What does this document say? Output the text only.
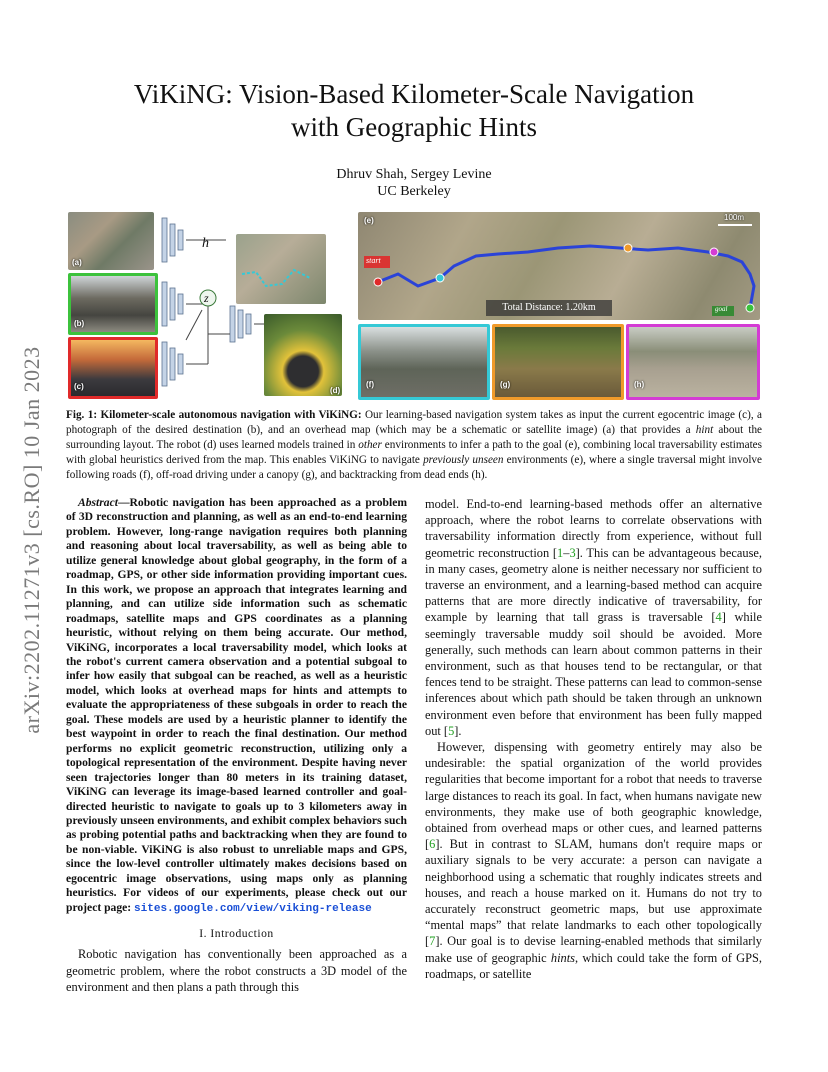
arXiv:2202.11271v3 [cs.RO] 10 Jan 2023
ViKiNG: Vision-Based Kilometer-Scale Navigation
with Geographic Hints
Dhruv Shah, Sergey Levine
UC Berkeley
(a)
(b)
(c)
h
z
(d)
(e)	100m
start
goal
Total Distance: 1.20km
(f)	(g)	(h)
Fig. 1: Kilometer-scale autonomous navigation with ViKiNG: Our learning-based navigation system takes as input the current egocentric image (c), a photograph of the desired destination (b), and an overhead map (which may be a schematic or satellite image) (a) that provides a hint about the surrounding layout. The robot (d) uses learned models trained in other environments to infer a path to the goal (e), combining local traversability estimates with global heuristics derived from the map. This enables ViKiNG to navigate previously unseen environments (e), where a single traversal might involve following roads (f), off-road driving under a canopy (g), and backtracking from dead ends (h).

Abstract—Robotic navigation has been approached as a problem of 3D reconstruction and planning, as well as an end-to-end learning problem. However, long-range navigation requires both planning and reasoning about local traversability, as well as being able to utilize general knowledge about global geography, in the form of a roadmap, GPS, or other side information providing important cues. In this work, we propose an approach that integrates learning and planning, and can utilize side information such as schematic roadmaps, satellite maps and GPS coordinates as a planning heuristic, without relying on them being accurate. Our method, ViKiNG, incorporates a local traversability model, which looks at the robot's current camera observation and a potential subgoal to infer how easily that subgoal can be reached, as well as a heuristic model, which looks at overhead maps for hints and attempts to evaluate the appropriateness of these subgoals in order to reach the goal. These models are used by a heuristic planner to identify the best waypoint in order to reach the final destination. Our method performs no explicit geometric reconstruction, utilizing only a topological representation of the environment. Despite having never seen trajectories longer than 80 meters in its training dataset, ViKiNG can leverage its image-based learned controller and goal-directed heuristic to navigate to goals up to 3 kilometers away in previously unseen environments, and exhibit complex behaviors such as probing potential paths and backtracking when they are found to be non-viable. ViKiNG is also robust to unreliable maps and GPS, since the low-level controller ultimately makes decisions based on egocentric image observations, using maps only as planning heuristics. For videos of our experiments, please check out our project page: sites.google.com/view/viking-release

I. Introduction

Robotic navigation has conventionally been approached as a geometric problem, where the robot constructs a 3D model of the environment and then plans a path through this

model. End-to-end learning-based methods offer an alternative approach, where the robot learns to correlate observations with traversability information directly from experience, without full geometric reconstruction [1–3]. This can be advantageous because, in many cases, geometry alone is neither necessary nor sufficient to traverse an environment, and a learning-based method can acquire patterns that are more directly indicative of traversability, for example by learning that tall grass is traversable [4] while seemingly traversable muddy soil should be avoided. More generally, such methods can learn about common patterns in their environment, such as that houses tend to be rectangular, or that fences tend to be straight. These patterns can lead to common-sense inferences about which path should be taken through an unknown environment even before that environment has been fully mapped out [5].

However, dispensing with geometry entirely may also be undesirable: the spatial organization of the world provides regularities that become important for a robot that needs to traverse large distances to reach its goal. In fact, when humans navigate new environments, they make use of both geographic knowledge, obtained from overhead maps or other cues, and learned patterns [6]. But in contrast to SLAM, humans don't require maps or auxiliary signals to be very accurate: a person can navigate a neighborhood using a schematic that roughly indicates streets and houses, and reach a house marked on it. Humans do not try to accurately reconstruct geometric maps, but use approximate “mental maps” that relate landmarks to each other topologically [7]. Our goal is to devise learning-enabled methods that similarly make use of geographic hints, which could take the form of GPS, roadmaps, or satellite
